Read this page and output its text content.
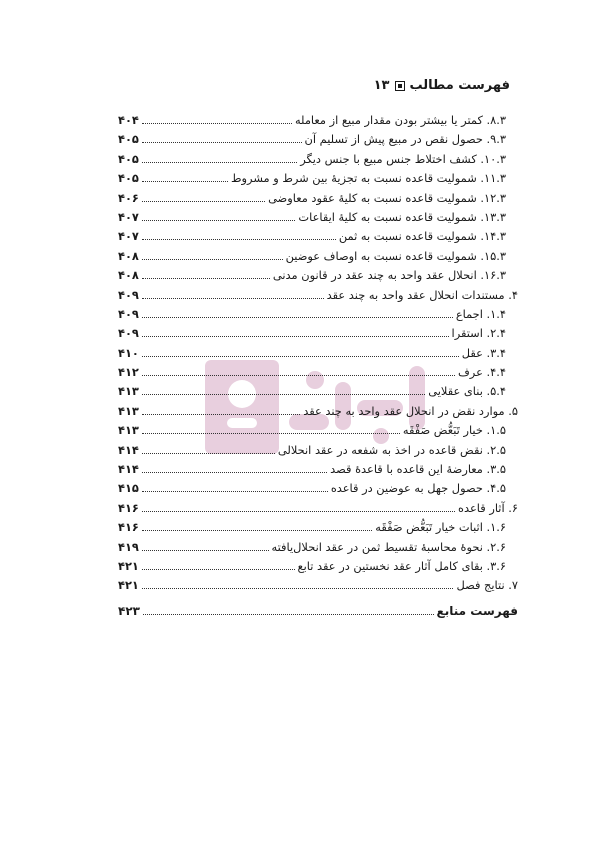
فهرست مطالب
۱۳
۸.۳. کمتر یا بیشتر بودن مقدار مبیع از معامله
۴۰۴
۹.۳. حصول نقص در مبیع پیش از تسلیم آن
۴۰۵
۱۰.۳. کشف اختلاط جنس مبیع با جنس دیگر
۴۰۵
۱۱.۳. شمولیت قاعده نسبت به تجزیهٔ بین شرط و مشروط
۴۰۵
۱۲.۳. شمولیت قاعده نسبت به کلیهٔ عقود معاوضی
۴۰۶
۱۳.۳. شمولیت قاعده نسبت به کلیهٔ ایقاعات
۴۰۷
۱۴.۳. شمولیت قاعده نسبت به ثمن
۴۰۷
۱۵.۳. شمولیت قاعده نسبت به اوصاف عوضین
۴۰۸
۱۶.۳. انحلال عقد واحد به چند عقد در قانون مدنی
۴۰۸
۴. مستندات انحلال عقد واحد به چند عقد
۴۰۹
۱.۴. اجماع
۴۰۹
۲.۴. استقرا
۴۰۹
۳.۴. عقل
۴۱۰
۴.۴. عرف
۴۱۲
۵.۴. بنای عقلایی
۴۱۳
۵. موارد نقض در انحلال عقد واحد به چند عقد
۴۱۳
۱.۵. خیار تَبَعُّض صَفْقَه
۴۱۳
۲.۵. نقض قاعده در اخذ به شفعه در عقد انحلالی
۴۱۴
۳.۵. معارضهٔ این قاعده با قاعدهٔ قصد
۴۱۴
۴.۵. حصول جهل به عوضین در قاعده
۴۱۵
۶. آثار قاعده
۴۱۶
۱.۶. اثبات خیار تَبَعُّض صَفْقَه
۴۱۶
۲.۶. نحوهٔ محاسبهٔ تقسیط ثمن در عقد انحلال‌یافته
۴۱۹
۳.۶. بقای کامل آثار عقد نخستین در عقد تابع
۴۲۱
۷. نتایج فصل
۴۲۱
فهرست منابع
۴۲۳
